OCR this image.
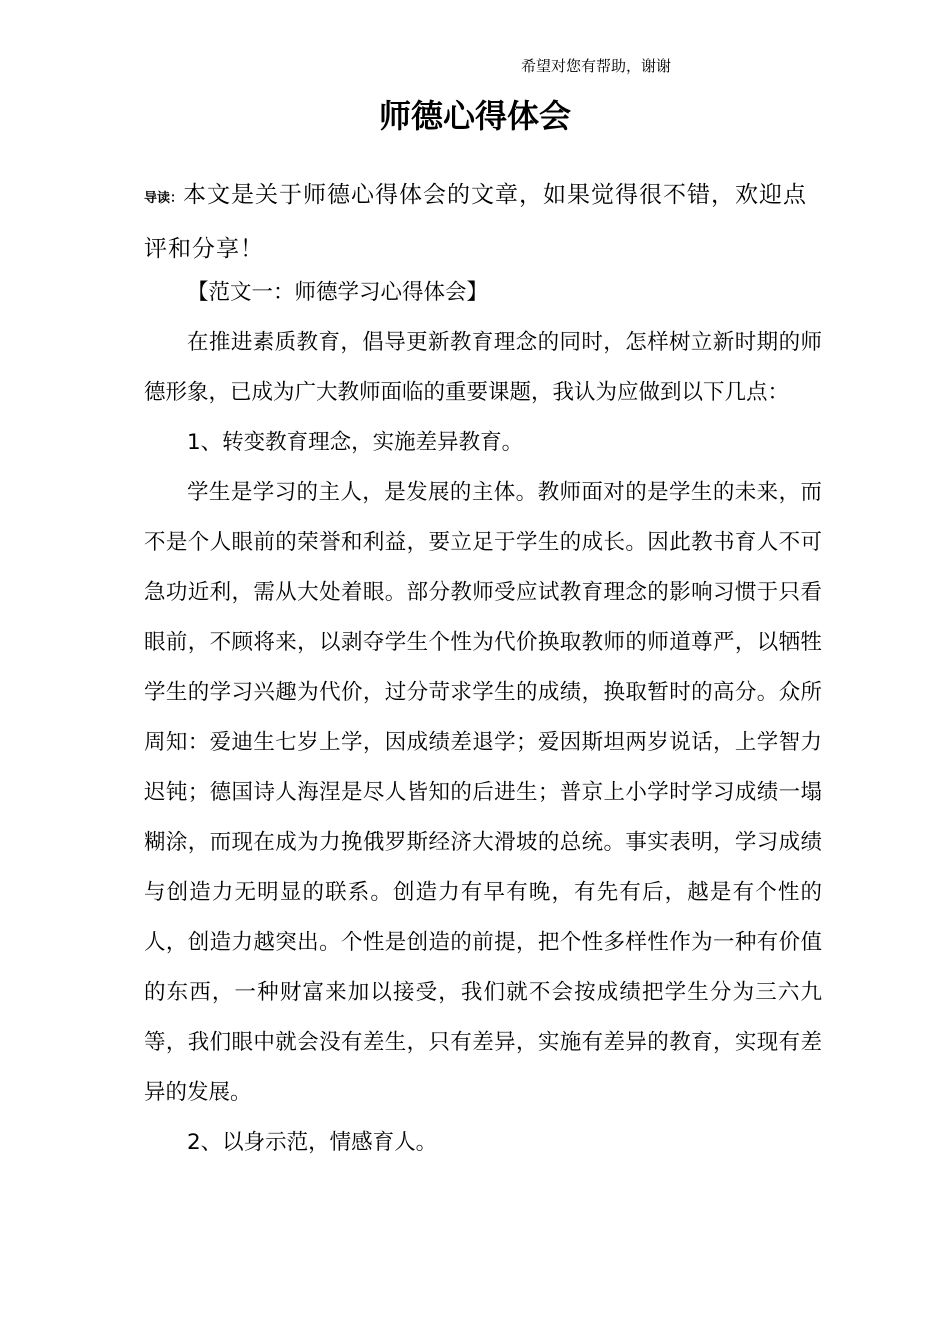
希望对您有帮助，谢谢
师德心得体会
导读：本文是关于师德心得体会的文章，如果觉得很不错，欢迎点评和分享！

【范文一：师德学习心得体会】

在推进素质教育，倡导更新教育理念的同时，怎样树立新时期的师德形象，已成为广大教师面临的重要课题，我认为应做到以下几点：

1、转变教育理念，实施差异教育。

学生是学习的主人，是发展的主体。教师面对的是学生的未来，而不是个人眼前的荣誉和利益，要立足于学生的成长。因此教书育人不可急功近利，需从大处着眼。部分教师受应试教育理念的影响习惯于只看眼前，不顾将来，以剥夺学生个性为代价换取教师的师道尊严，以牺牲学生的学习兴趣为代价，过分苛求学生的成绩，换取暂时的高分。众所周知：爱迪生七岁上学，因成绩差退学；爱因斯坦两岁说话，上学智力迟钝；德国诗人海涅是尽人皆知的后进生；普京上小学时学习成绩一塌糊涂，而现在成为力挽俄罗斯经济大滑坡的总统。事实表明，学习成绩与创造力无明显的联系。创造力有早有晚，有先有后，越是有个性的人，创造力越突出。个性是创造的前提，把个性多样性作为一种有价值的东西，一种财富来加以接受，我们就不会按成绩把学生分为三六九等，我们眼中就会没有差生，只有差异，实施有差异的教育，实现有差异的发展。

2、以身示范，情感育人。
